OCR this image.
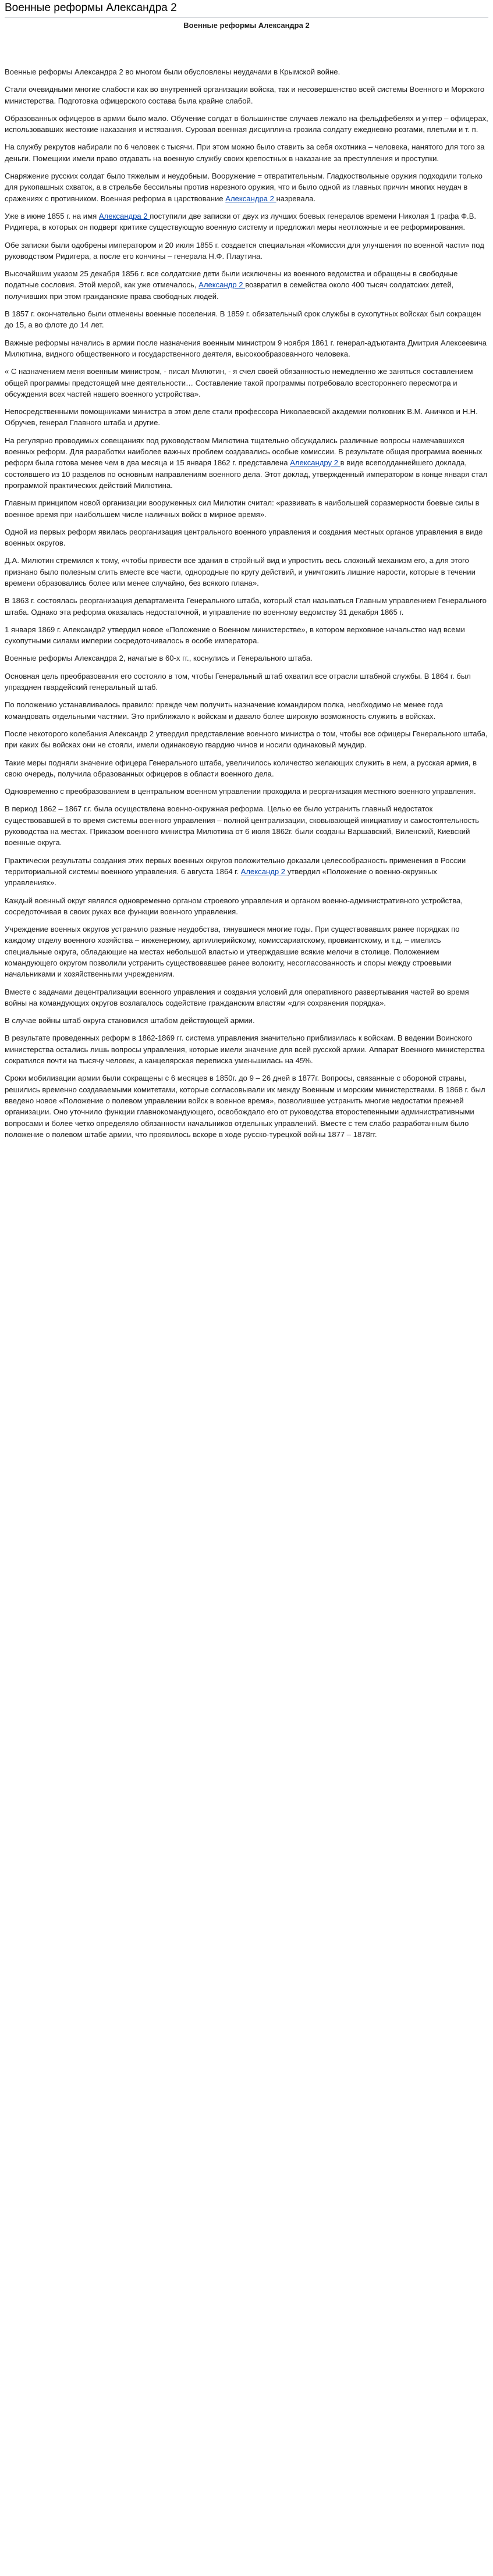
Военные реформы Александра 2
Военные реформы Александра 2

Военные реформы Александра 2 во многом были обусловлены неудачами в Крымской войне.

Стали очевидными многие слабости как во внутренней организации войска, так и несовершенство всей системы Военного и Морского министерства. Подготовка офицерского состава была крайне слабой.

Образованных офицеров в армии было мало. Обучение солдат в большинстве случаев лежало на фельдфебелях и унтер – офицерах, использовавших жестокие наказания и истязания. Суровая военная дисциплина грозила солдату ежедневно розгами, плетьми и т. п.

На службу рекрутов набирали по 6 человек с тысячи. При этом можно было ставить за себя охотника – человека, нанятого для того за деньги. Помещики имели право отдавать на военную службу своих крепостных в наказание за преступления и проступки.

Снаряжение русских солдат было тяжелым и неудобным. Вооружение = отвратительным. Гладкоствольные оружия подходили только для рукопашных схваток, а в стрельбе бессильны против нарезного оружия, что и было одной из главных причин многих неудач в сражениях с противником. Военная реформа в царствование Александра 2 назревала.

Уже в июне 1855 г. на имя Александра 2 поступили две записки от двух из лучших боевых генералов времени Николая 1 графа Ф.В. Ридигера, в которых он подверг критике существующую военную систему и предложил меры неотложные и ее реформирования.

Обе записки были одобрены императором и 20 июля 1855 г. создается специальная «Комиссия для улучшения по военной части» под руководством Ридигера, а после его кончины – генерала Н.Ф. Плаутина.

Высочайшим указом 25 декабря 1856 г. все солдатские дети были исключены из военного ведомства и обращены в свободные податные сословия. Этой мерой, как уже отмечалось, Александр 2 возвратил в семейства около 400 тысяч солдатских детей, получивших при этом гражданские права свободных людей.

В 1857 г. окончательно были отменены военные поселения. В 1859 г. обязательный срок службы в сухопутных войсках был сокращен до 15, а во флоте до 14 лет.

Важные реформы начались в армии после назначения военным министром 9 ноября 1861 г. генерал-адъютанта Дмитрия Алексеевича Милютина, видного общественного и государственного деятеля, высокообразованного человека.

« С назначением меня военным министром, - писал Милютин, - я счел своей обязанностью немедленно же заняться составлением общей программы предстоящей мне деятельности… Составление такой программы потребовало всестороннего пересмотра и обсуждения всех частей нашего военного устройства».

Непосредственными помощниками министра в этом деле стали профессора Николаевской академии полковник В.М. Аничков и Н.Н. Обручев, генерал Главного штаба и другие.

На регулярно проводимых совещаниях под руководством Милютина тщательно обсуждались различные вопросы намечавшихся военных реформ. Для разработки наиболее важных проблем создавались особые комиссии. В результате общая программа военных реформ была готова менее чем в два месяца и 15 января 1862 г. представлена Александру 2 в виде всеподданнейшего доклада, состоявшего из 10 разделов по основным направлениям военного дела. Этот доклад, утвержденный императором в конце января стал программой практических действий Милютина.

Главным принципом новой организации вооруженных сил Милютин считал: «развивать в наибольшей соразмерности боевые силы в военное время при наибольшем числе наличных войск в мирное время».

Одной из первых реформ явилась реорганизация центрального военного управления и создания местных органов управления в виде военных округов.

Д.А. Милютин стремился к тому, «чтобы привести все здания в стройный вид и упростить весь сложный механизм его, а для этого признано было полезным слить вместе все части, однородные по кругу действий, и уничтожить лишние нарости, которые в течении времени образовались более или менее случайно, без всякого плана».

В 1863 г. состоялась реорганизация департамента Генерального штаба, который стал называться Главным управлением Генерального штаба. Однако эта реформа оказалась недостаточной, и управление по военному ведомству 31 декабря 1865 г.

1 января 1869 г. Александр2 утвердил новое «Положение о Военном министерстве», в котором верховное начальство над всеми сухопутными силами империи сосредоточивалось в особе императора.

Военные реформы Александра 2, начатые в 60-х гг., коснулись и Генерального штаба.

Основная цель преобразования его состояло в том, чтобы Генеральный штаб охватил все отрасли штабной службы. В 1864 г. был упразднен гвардейский генеральный штаб.

По положению устанавливалось правило: прежде чем получить назначение командиром полка, необходимо не менее года командовать отдельными частями. Это приближало к войскам и давало более широкую возможность служить в войсках.

После некоторого колебания Александр 2 утвердил представление военного министра о том, чтобы все офицеры Генерального штаба, при каких бы войсках они не стояли, имели одинаковую гвардию чинов и носили одинаковый мундир.

Такие меры подняли значение офицера Генерального штаба, увеличилось количество желающих служить в нем, а русская армия, в свою очередь, получила образованных офицеров в области военного дела.

Одновременно с преобразованием в центральном военном управлении проходила и реорганизация местного военного управления.

В период 1862 – 1867 г.г. была осуществлена военно-окружная реформа. Целью ее было устранить главный недостаток существовавшей в то время системы военного управления – полной централизации, сковывающей инициативу и самостоятельность руководства на местах. Приказом военного министра Милютина от 6 июля 1862г. были созданы Варшавский, Виленский, Киевский военные округа.

Практически результаты создания этих первых военных округов положительно доказали целесообразность применения в России территориальной системы военного управления. 6 августа 1864 г. Александр 2 утвердил «Положение о военно-окружных управлениях».

Каждый военный округ являлся одновременно органом строевого управления и органом военно-административного устройства, сосредоточивая в своих руках все функции военного управления.

Учреждение военных округов устранило разные неудобства, тянувшиеся многие годы. При существовавших ранее порядках по каждому отделу военного хозяйства – инженерному, артиллерийскому, комиссариатскому, провиантскому, и т.д. – имелись специальные округа, обладающие на местах небольшой властью и утверждавшие всякие мелочи в столице. Положением командующего округом позволили устранить существовавшее ранее волокиту, несогласованность и споры между строевыми начальниками и хозяйственными учреждениям.

Вместе с задачами децентрализации военного управления и создания условий для оперативного развертывания частей во время войны на командующих округов возлагалось содействие гражданским властям «для сохранения порядка».

В случае войны штаб округа становился штабом действующей армии.

В результате проведенных реформ в 1862-1869 гг. система управления значительно приблизилась к войскам. В ведении Воинского министерства остались лишь вопросы управления, которые имели значение для всей русской армии. Аппарат Военного министерства сократился почти на тысячу человек, а канцелярская переписка уменьшилась на 45%.

Сроки мобилизации армии были сокращены с 6 месяцев в 1850г. до 9 – 26 дней в 1877г. Вопросы, связанные с обороной страны, решились временно создаваемыми комитетами, которые согласовывали их между Военным и морским министерствами. В 1868 г. был введено новое «Положение о полевом управлении войск в военное время», позволившее устранить многие недостатки прежней организации. Оно уточнило функции главнокомандующего, освобождало его от руководства второстепенными административными вопросами и более четко определяло обязанности начальников отдельных управлений. Вместе с тем слабо разработанным было положение о полевом штабе армии, что проявилось вскоре в ходе русско-турецкой войны 1877 – 1878гг.
